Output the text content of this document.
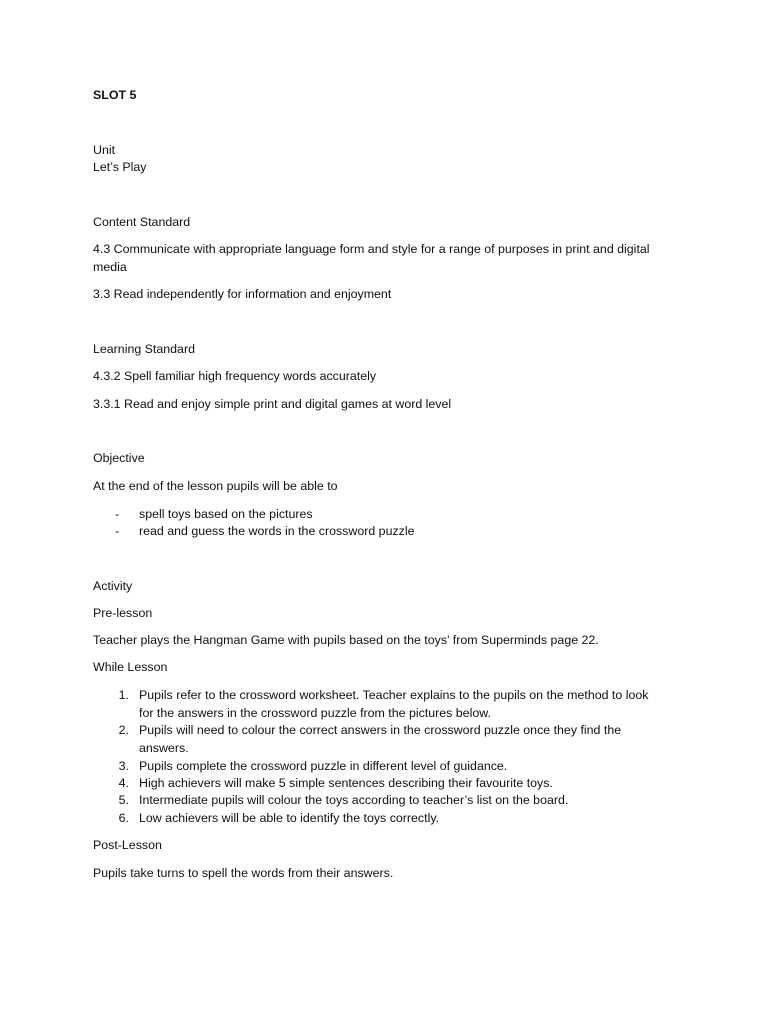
SLOT 5
Unit
Let’s Play
Content Standard
4.3 Communicate with appropriate language form and style for a range of purposes in print and digital media
3.3 Read independently for information and enjoyment
Learning Standard
4.3.2 Spell familiar high frequency words accurately
3.3.1 Read and enjoy simple print and digital games at word level
Objective
At the end of the lesson pupils will be able to
- spell toys based on the pictures
- read and guess the words in the crossword puzzle
Activity
Pre-lesson
Teacher plays the Hangman Game with pupils based on the toys’ from Superminds page 22.
While Lesson
1. Pupils refer to the crossword worksheet. Teacher explains to the pupils on the method to look for the answers in the crossword puzzle from the pictures below.
2. Pupils will need to colour the correct answers in the crossword puzzle once they find the answers.
3. Pupils complete the crossword puzzle in different level of guidance.
4. High achievers will make 5 simple sentences describing their favourite toys.
5. Intermediate pupils will colour the toys according to teacher’s list on the board.
6. Low achievers will be able to identify the toys correctly.
Post-Lesson
Pupils take turns to spell the words from their answers.
